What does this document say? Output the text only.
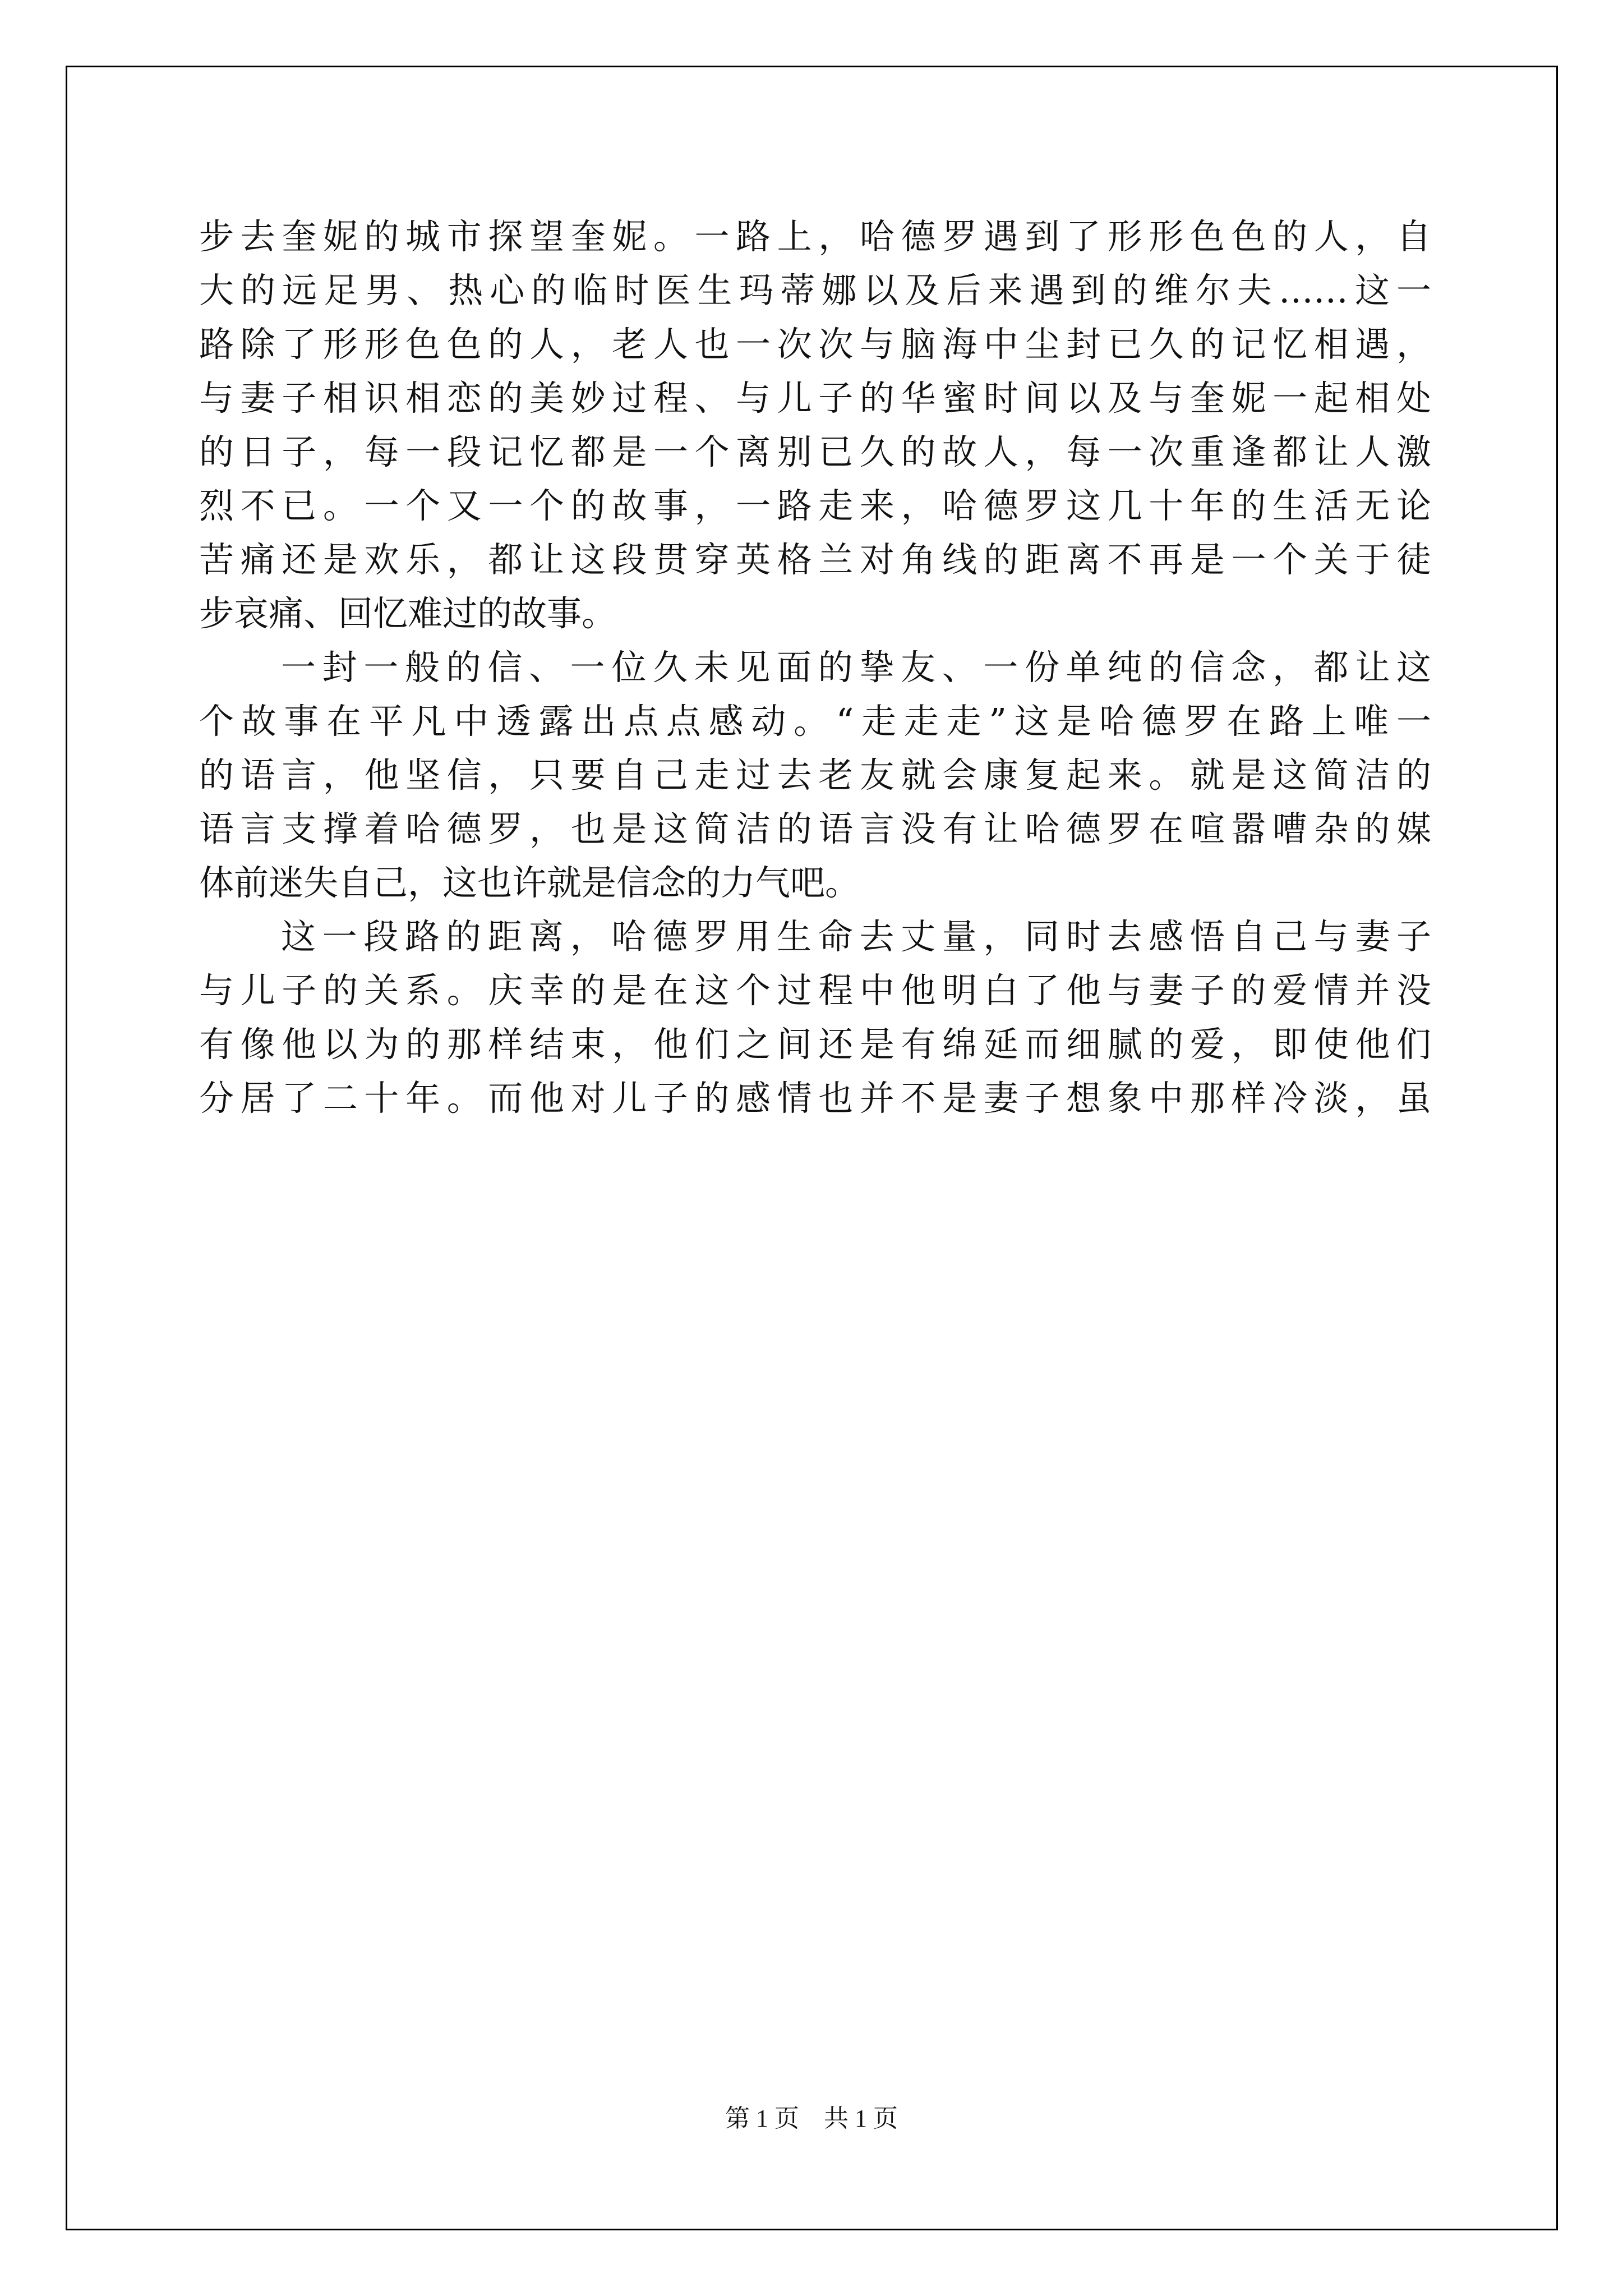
步去奎妮的城市探望奎妮。一路上，哈德罗遇到了形形色色的人，自
大的远足男、热心的临时医生玛蒂娜以及后来遇到的维尔夫……这一
路除了形形色色的人，老人也一次次与脑海中尘封已久的记忆相遇，
与妻子相识相恋的美妙过程、与儿子的华蜜时间以及与奎妮一起相处
的日子，每一段记忆都是一个离别已久的故人，每一次重逢都让人激
烈不已。一个又一个的故事，一路走来，哈德罗这几十年的生活无论
苦痛还是欢乐，都让这段贯穿英格兰对角线的距离不再是一个关于徒
步哀痛、回忆难过的故事。
一封一般的信、一位久未见面的挚友、一份单纯的信念，都让这
个故事在平凡中透露出点点感动。“走走走”这是哈德罗在路上唯一
的语言，他坚信，只要自己走过去老友就会康复起来。就是这简洁的
语言支撑着哈德罗，也是这简洁的语言没有让哈德罗在喧嚣嘈杂的媒
体前迷失自己，这也许就是信念的力气吧。
这一段路的距离，哈德罗用生命去丈量，同时去感悟自己与妻子
与儿子的关系。庆幸的是在这个过程中他明白了他与妻子的爱情并没
有像他以为的那样结束，他们之间还是有绵延而细腻的爱，即使他们
分居了二十年。而他对儿子的感情也并不是妻子想象中那样冷淡，虽
第 1 页　共 1 页
